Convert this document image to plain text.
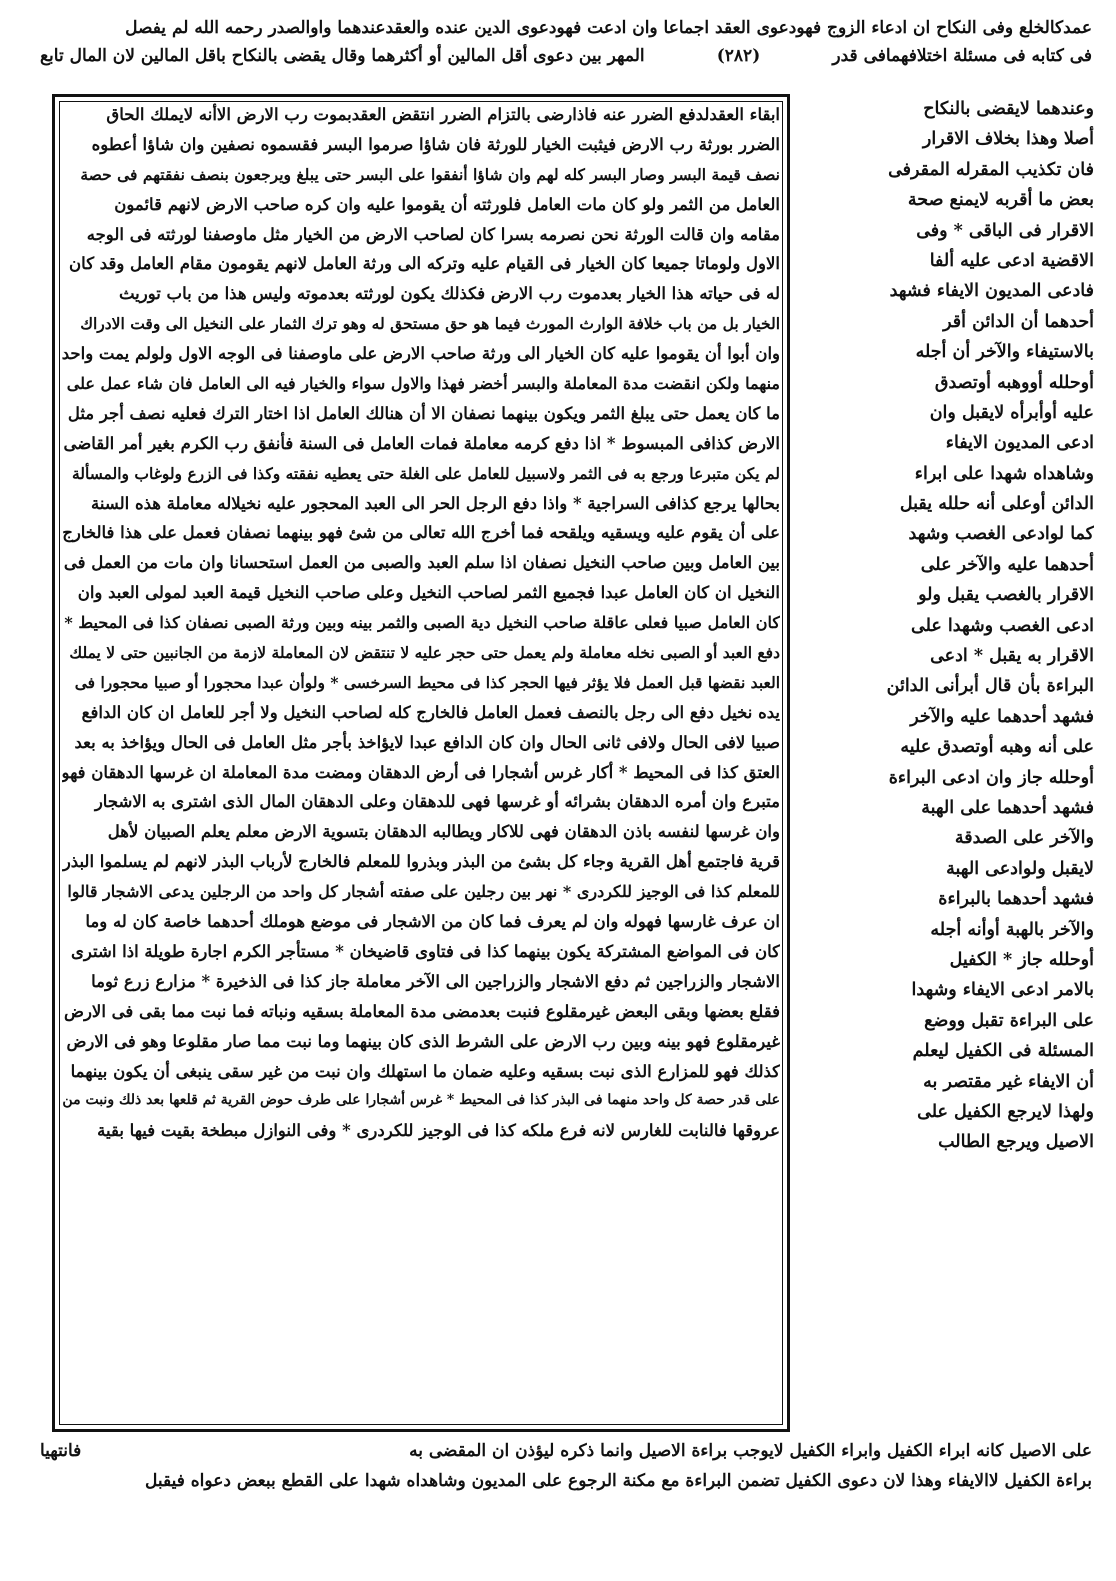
عمدكالخلع وفى النكاح ان ادعاء الزوج فهودعوى العقد اجماعا وان ادعت فهودعوى الدين عنده والعقدعندهما واوالصدر رحمه الله لم يفصل
فى كتابه فى مسئلة اختلافهمافى قدر
(٢٨٢)
المهر بين دعوى أقل المالين أو أكثرهما وقال يقضى بالنكاح باقل المالين لان المال تابع
ابقاء العقدلدفع الضرر عنه فاذارضى بالتزام الضرر انتقض العقدبموت رب الارض الاأنه لايملك الحاق
الضرر بورثة رب الارض فيثبت الخيار للورثة فان شاؤا صرموا البسر فقسموه نصفين وان شاؤا أعطوه
نصف قيمة البسر وصار البسر كله لهم وان شاؤا أنفقوا على البسر حتى يبلغ ويرجعون بنصف نفقتهم فى حصة
العامل من الثمر ولو كان مات العامل فلورثته أن يقوموا عليه وان كره صاحب الارض لانهم قائمون
مقامه وان قالت الورثة نحن نصرمه بسرا كان لصاحب الارض من الخيار مثل ماوصفنا لورثته فى الوجه
الاول ولوماتا جميعا كان الخيار فى القيام عليه وتركه الى ورثة العامل لانهم يقومون مقام العامل وقد كان
له فى حياته هذا الخيار بعدموت رب الارض فكذلك يكون لورثته بعدموته وليس هذا من باب توريث
الخيار بل من باب خلافة الوارث المورث فيما هو حق مستحق له وهو ترك الثمار على النخيل الى وقت الادراك
وان أبوا أن يقوموا عليه كان الخيار الى ورثة صاحب الارض على ماوصفنا فى الوجه الاول ولولم يمت واحد
منهما ولكن انقضت مدة المعاملة والبسر أخضر فهذا والاول سواء والخيار فيه الى العامل فان شاء عمل على
ما كان يعمل حتى يبلغ الثمر ويكون بينهما نصفان الا أن هنالك العامل اذا اختار الترك فعليه نصف أجر مثل
الارض كذافى المبسوط * اذا دفع كرمه معاملة فمات العامل فى السنة فأنفق رب الكرم بغير أمر القاضى
لم يكن متبرعا ورجع به فى الثمر ولاسبيل للعامل على الغلة حتى يعطيه نفقته وكذا فى الزرع ولوغاب والمسألة
بحالها يرجع كذافى السراجية * واذا دفع الرجل الحر الى العبد المحجور عليه نخيلاله معاملة هذه السنة
على أن يقوم عليه ويسقيه ويلقحه فما أخرج الله تعالى من شئ فهو بينهما نصفان فعمل على هذا فالخارج
بين العامل وبين صاحب النخيل نصفان اذا سلم العبد والصبى من العمل استحسانا وان مات من العمل فى
النخيل ان كان العامل عبدا فجميع الثمر لصاحب النخيل وعلى صاحب النخيل قيمة العبد لمولى العبد وان
كان العامل صبيا فعلى عاقلة صاحب النخيل دية الصبى والثمر بينه وبين ورثة الصبى نصفان كذا فى المحيط *
دفع العبد أو الصبى نخله معاملة ولم يعمل حتى حجر عليه لا تنتقض لان المعاملة لازمة من الجانبين حتى لا يملك
العبد نقضها قبل العمل فلا يؤثر فيها الحجر كذا فى محيط السرخسى * ولوأن عبدا محجورا أو صبيا محجورا فى
يده نخيل دفع الى رجل بالنصف فعمل العامل فالخارج كله لصاحب النخيل ولا أجر للعامل ان كان الدافع
صبيا لافى الحال ولافى ثانى الحال وان كان الدافع عبدا لايؤاخذ بأجر مثل العامل فى الحال ويؤاخذ به بعد
العتق كذا فى المحيط * أكار غرس أشجارا فى أرض الدهقان ومضت مدة المعاملة ان غرسها الدهقان فهو
متبرع وان أمره الدهقان بشرائه أو غرسها فهى للدهقان وعلى الدهقان المال الذى اشترى به الاشجار
وان غرسها لنفسه باذن الدهقان فهى للاكار ويطالبه الدهقان بتسوية الارض معلم يعلم الصبيان لأهل
قرية فاجتمع أهل القرية وجاء كل بشئ من البذر وبذروا للمعلم فالخارج لأرباب البذر لانهم لم يسلموا البذر
للمعلم كذا فى الوجيز للكردرى * نهر بين رجلين على صفته أشجار كل واحد من الرجلين يدعى الاشجار قالوا
ان عرف غارسها فهوله وان لم يعرف فما كان من الاشجار فى موضع هوملك أحدهما خاصة كان له وما
كان فى المواضع المشتركة يكون بينهما كذا فى فتاوى قاضيخان * مستأجر الكرم اجارة طويلة اذا اشترى
الاشجار والزراجين ثم دفع الاشجار والزراجين الى الآخر معاملة جاز كذا فى الذخيرة * مزارع زرع ثوما
فقلع بعضها وبقى البعض غيرمقلوع فنبت بعدمضى مدة المعاملة بسقيه ونباته فما نبت مما بقى فى الارض
غيرمقلوع فهو بينه وبين رب الارض على الشرط الذى كان بينهما وما نبت مما صار مقلوعا وهو فى الارض
كذلك فهو للمزارع الذى نبت بسقيه وعليه ضمان ما استهلك وان نبت من غير سقى ينبغى أن يكون بينهما
على قدر حصة كل واحد منهما فى البذر كذا فى المحيط * غرس أشجارا على طرف حوض القرية ثم قلعها بعد ذلك ونبت من
عروقها فالنابت للغارس لانه فرع ملكه كذا فى الوجيز للكردرى * وفى النوازل مبطخة بقيت فيها بقية
وعندهما لايقضى بالنكاح
أصلا وهذا بخلاف الاقرار
فان تكذيب المقرله المقرفى
بعض ما أقربه لايمنع صحة
الاقرار فى الباقى * وفى
الاقضية ادعى عليه ألفا
فادعى المديون الايفاء فشهد
أحدهما أن الدائن أقر
بالاستيفاء والآخر أن أجله
أوحلله أووهبه أوتصدق
عليه أوأبرأه لايقبل وان
ادعى المديون الايفاء
وشاهداه شهدا على ابراء
الدائن أوعلى أنه حلله يقبل
كما لوادعى الغصب وشهد
أحدهما عليه والآخر على
الاقرار بالغصب يقبل ولو
ادعى الغصب وشهدا على
الاقرار به يقبل * ادعى
البراءة بأن قال أبرأنى الدائن
فشهد أحدهما عليه والآخر
على أنه وهبه أوتصدق عليه
أوحلله جاز وان ادعى البراءة
فشهد أحدهما على الهبة
والآخر على الصدقة
لايقبل ولوادعى الهبة
فشهد أحدهما بالبراءة
والآخر بالهبة أوأنه أجله
أوحلله جاز * الكفيل
بالامر ادعى الايفاء وشهدا
على البراءة تقبل ووضع
المسئلة فى الكفيل ليعلم
أن الايفاء غير مقتصر به
ولهذا لايرجع الكفيل على
الاصيل ويرجع الطالب
على الاصيل كانه ابراء الكفيل وابراء الكفيل لايوجب براءة الاصيل وانما ذكره ليؤذن ان المقضى به
فانتهيا
براءة الكفيل لاالايفاء وهذا لان دعوى الكفيل تضمن البراءة مع مكنة الرجوع على المديون وشاهداه شهدا على القطع ببعض دعواه فيقبل
